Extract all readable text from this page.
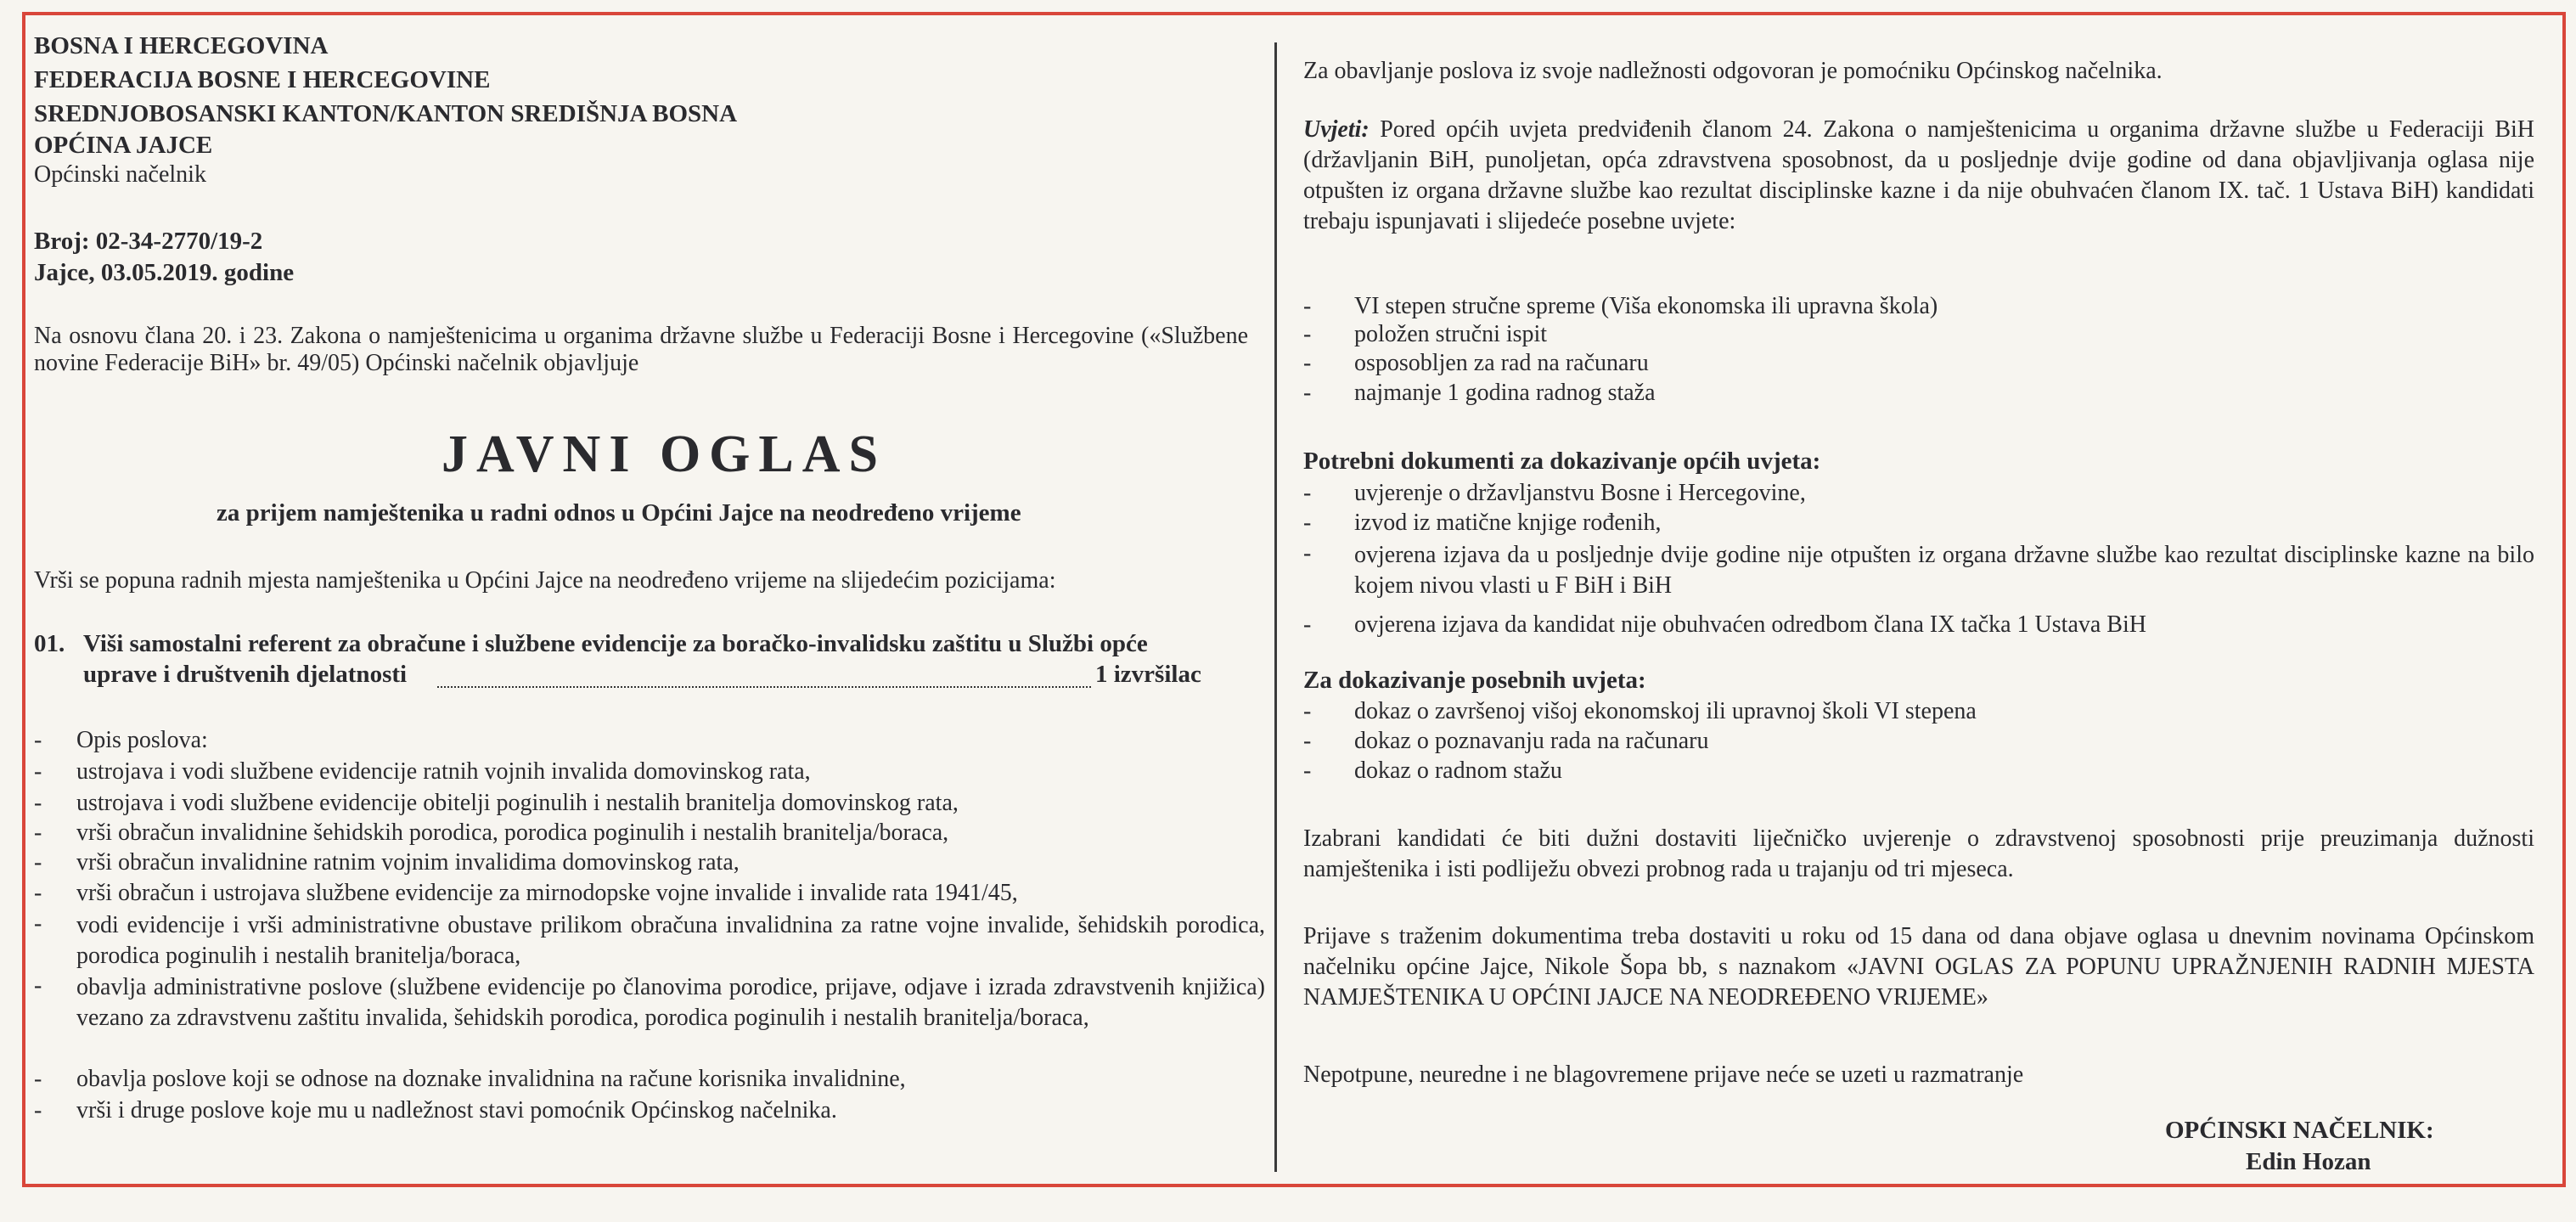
BOSNA I HERCEGOVINA
FEDERACIJA BOSNE I HERCEGOVINE
SREDNJOBOSANSKI KANTON/KANTON SREDIŠNJA BOSNA
OPĆINA JAJCE
Općinski načelnik
Broj: 02-34-2770/19-2
Jajce, 03.05.2019. godine
Na osnovu člana 20. i 23. Zakona o namještenicima u organima državne službe u Federaciji Bosne i Hercegovine («Službene novine Federacije BiH» br. 49/05) Općinski načelnik objavljuje
JAVNI OGLAS
za prijem namještenika u radni odnos u Općini Jajce na neodređeno vrijeme
Vrši se popuna radnih mjesta namještenika u Općini Jajce na neodređeno vrijeme na slijedećim pozicijama:
01. Viši samostalni referent za obračune i službene evidencije za boračko-invalidsku zaštitu u Službi opće
uprave i društvenih djelatnosti	1 izvršilac
- Opis poslova:
- ustrojava i vodi službene evidencije ratnih vojnih invalida domovinskog rata,
- ustrojava i vodi službene evidencije obitelji poginulih i nestalih branitelja domovinskog rata,
- vrši obračun invalidnine šehidskih porodica, porodica poginulih i nestalih branitelja/boraca,
- vrši obračun invalidnine ratnim vojnim invalidima domovinskog rata,
- vrši obračun i ustrojava službene evidencije za mirnodopske vojne invalide i invalide rata 1941/45,
- vodi evidencije i vrši administrativne obustave prilikom obračuna invalidnina za ratne vojne invalide, šehidskih porodica, porodica poginulih i nestalih branitelja/boraca,
- obavlja administrativne poslove (službene evidencije po članovima porodice, prijave, odjave i izrada zdravstvenih knjižica) vezano za zdravstvenu zaštitu invalida, šehidskih porodica, porodica poginulih i nestalih branitelja/boraca,
- obavlja poslove koji se odnose na doznake invalidnina na račune korisnika invalidnine,
- vrši i druge poslove koje mu u nadležnost stavi pomoćnik Općinskog načelnika.
Za obavljanje poslova iz svoje nadležnosti odgovoran je pomoćniku Općinskog načelnika.
Uvjeti: Pored općih uvjeta predviđenih članom 24. Zakona o namještenicima u organima državne službe u Federaciji BiH (državljanin BiH, punoljetan, opća zdravstvena sposobnost, da u posljednje dvije godine od dana objavljivanja oglasa nije otpušten iz organa državne službe kao rezultat disciplinske kazne i da nije obuhvaćen članom IX. tač. 1 Ustava BiH) kandidati trebaju ispunjavati i slijedeće posebne uvjete:
- VI stepen stručne spreme (Viša ekonomska ili upravna škola)
- položen stručni ispit
- osposobljen za rad na računaru
- najmanje 1 godina radnog staža
Potrebni dokumenti za dokazivanje općih uvjeta:
- uvjerenje o državljanstvu Bosne i Hercegovine,
- izvod iz matične knjige rođenih,
- ovjerena izjava da u posljednje dvije godine nije otpušten iz organa državne službe kao rezultat disciplinske kazne na bilo kojem nivou vlasti u F BiH i BiH
- ovjerena izjava da kandidat nije obuhvaćen odredbom člana IX tačka 1 Ustava BiH
Za dokazivanje posebnih uvjeta:
- dokaz o završenoj višoj ekonomskoj ili upravnoj školi VI stepena
- dokaz o poznavanju rada na računaru
- dokaz o radnom stažu
Izabrani kandidati će biti dužni dostaviti liječničko uvjerenje o zdravstvenoj sposobnosti prije preuzimanja dužnosti namještenika i isti podliježu obvezi probnog rada u trajanju od tri mjeseca.
Prijave s traženim dokumentima treba dostaviti u roku od 15 dana od dana objave oglasa u dnevnim novinama Općinskom načelniku općine Jajce, Nikole Šopa bb, s naznakom «JAVNI OGLAS ZA POPUNU UPRAŽNJENIH RADNIH MJESTA NAMJEŠTENIKA U OPĆINI JAJCE NA NEODREĐENO VRIJEME»
Nepotpune, neuredne i ne blagovremene prijave neće se uzeti u razmatranje
OPĆINSKI NAČELNIK:
Edin Hozan
